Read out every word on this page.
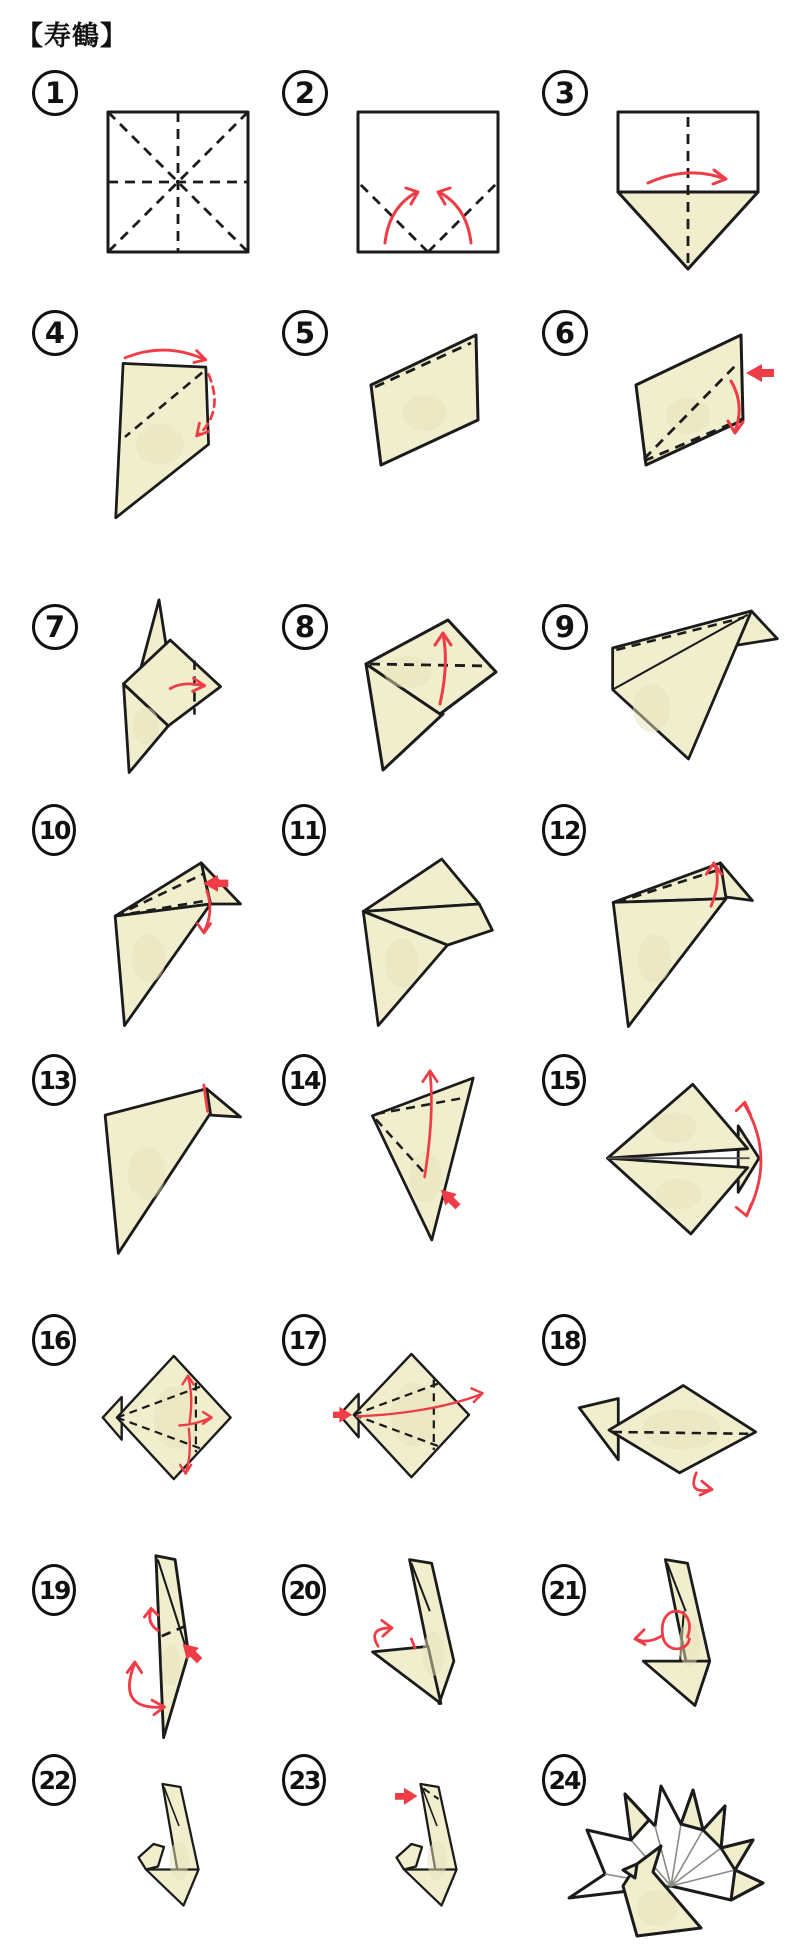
【寿鶴】
1	2	3
4	5	6
7	8	9
10	11	12
13	14	15
16	17	18
19	20	21
22	23	24
